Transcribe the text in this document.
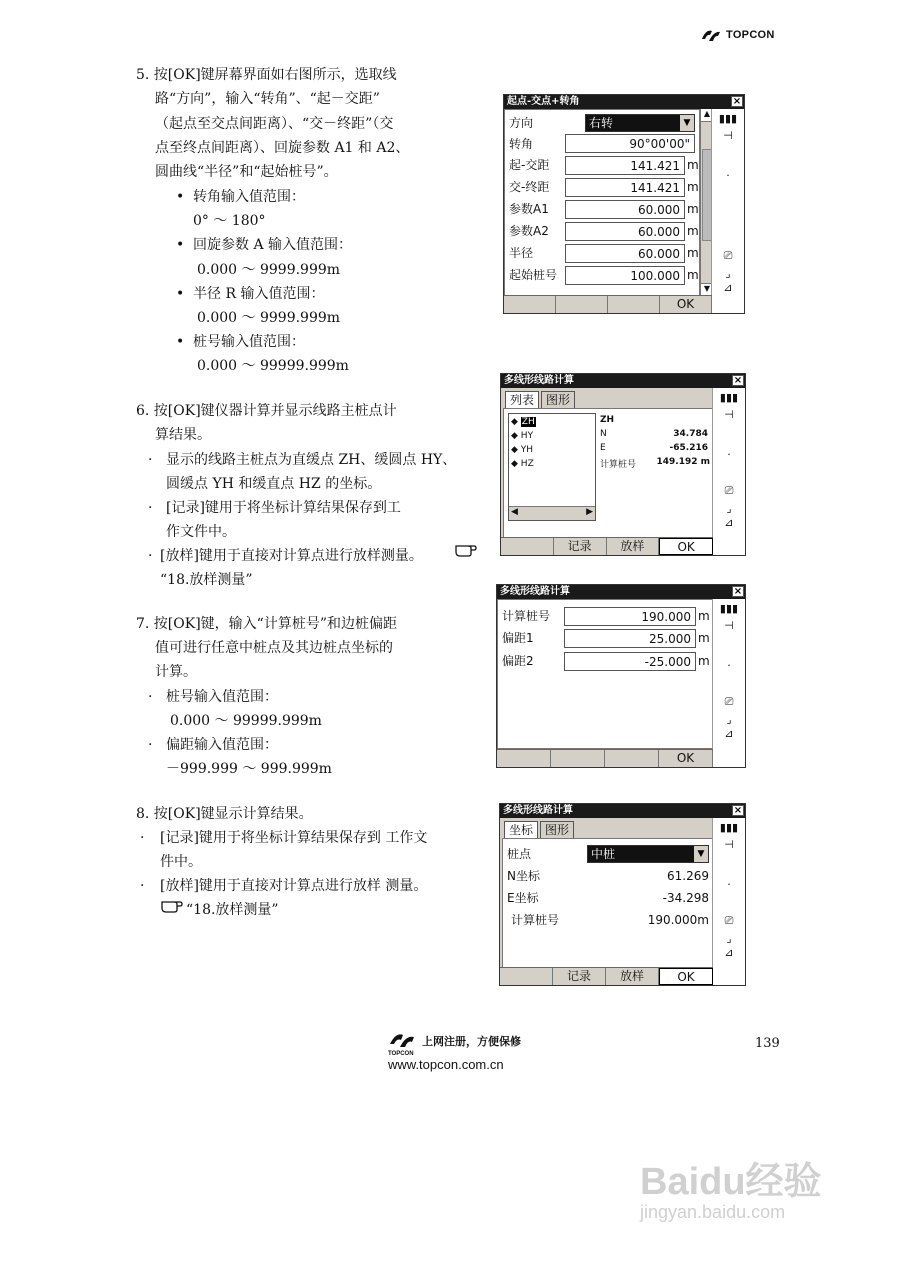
TOPCON
5. 按[OK]键屏幕界面如右图所示，选取线
路“方向”，输入“转角”、“起－交距”
（起点至交点间距离）、“交－终距”（交
点至终点间距离）、回旋参数 A1 和 A2、
圆曲线“半径”和“起始桩号”。
• 转角输入值范围：
0° ～ 180°
• 回旋参数 A 输入值范围：
0.000 ～ 9999.999m
• 半径 R 输入值范围：
0.000 ～ 9999.999m
• 桩号输入值范围：
0.000 ～ 99999.999m
6. 按[OK]键仪器计算并显示线路主桩点计
算结果。
· 显示的线路主桩点为直缓点 ZH、缓圆点 HY、
圆缓点 YH 和缓直点 HZ 的坐标。
· [记录]键用于将坐标计算结果保存到工
作文件中。
· [放样]键用于直接对计算点进行放样测量。
“18.放样测量”
7. 按[OK]键，输入“计算桩号”和边桩偏距
值可进行任意中桩点及其边桩点坐标的
计算。
· 桩号输入值范围：
0.000 ～ 99999.999m
· 偏距输入值范围：
－999.999 ～ 999.999m
8. 按[OK]键显示计算结果。
· [记录]键用于将坐标计算结果保存到 工作文
件中。
· [放样]键用于直接对计算点进行放样 测量。
“18.放样测量”
起点-交点+转角	×
方向	右转	▼
转角	90°00'00"
起-交距	141.421 m
交-终距	141.421 m
参数A1	60.000 m
参数A2	60.000 m
半径	60.000 m
起始桩号	100.000 m
▲
▼
▮▮▮
⊣
·
⎚
⌟
⊿
OK
多线形线路计算	×
列表	图形
◆ ZH
◆ HY
◆ YH
◆ HZ
◀	▶
ZH
N	34.784
E	-65.216
计算桩号	149.192 m
▮▮▮
⊣
·
⎚
⌟
⊿
记录	放样	OK
多线形线路计算	×
计算桩号	190.000 m
偏距1	25.000 m
偏距2	-25.000 m
▮▮▮
⊣
·
⎚
⌟
⊿
OK
多线形线路计算	×
坐标	图形
桩点	中桩	▼
N坐标	61.269
E坐标	-34.298
计算桩号	190.000m
▮▮▮
⊣
·
⎚
⌟
⊿
记录	放样	OK
上网注册，方便保修
TOPCON
www.topcon.com.cn
139
Baidu经验
jingyan.baidu.com
